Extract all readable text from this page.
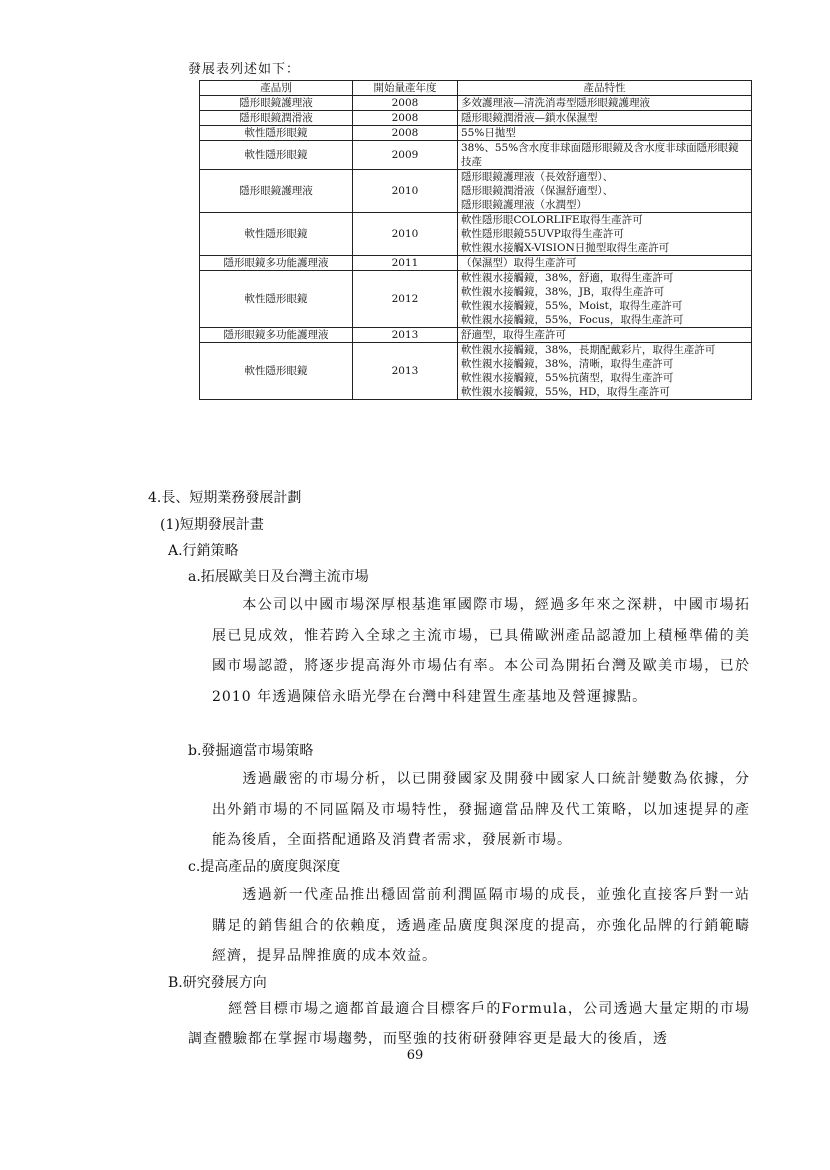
發展表列述如下：
產品別	開始量產年度	產品特性
隱形眼鏡護理液	2008	多效護理液—清洗消毒型隱形眼鏡護理液

隱形眼鏡潤滑液	2008	隱形眼鏡潤滑液—鎖水保濕型

軟性隱形眼鏡	2008	55%日拋型

軟性隱形眼鏡	2009	38%、55%含水度非球面隱形眼鏡及含水度非球面隱形眼鏡技產

隱形眼鏡護理液	2010	隱形眼鏡護理液（長效舒適型）、
隱形眼鏡潤滑液（保濕舒適型）、
隱形眼鏡護理液（水潤型）

軟性隱形眼鏡	2010	軟性隱形眼COLORLIFE取得生產許可
軟性隱形眼鏡55UVP取得生產許可
軟性親水接觸X-VISION日拋型取得生產許可

隱形眼鏡多功能護理液	2011	（保濕型）取得生產許可

軟性隱形眼鏡	2012	軟性親水接觸鏡，38%，舒適，取得生產許可
軟性親水接觸鏡，38%，JB，取得生產許可
軟性親水接觸鏡，55%，Moist，取得生產許可
軟性親水接觸鏡，55%，Focus，取得生產許可

隱形眼鏡多功能護理液	2013	舒適型，取得生產許可

軟性隱形眼鏡	2013	軟性親水接觸鏡，38%，長期配戴彩片，取得生產許可
軟性親水接觸鏡，38%，清晰，取得生產許可
軟性親水接觸鏡，55%抗菌型，取得生產許可
軟性親水接觸鏡，55%，HD，取得生產許可
4.長、短期業務發展計劃
(1)短期發展計畫
A.行銷策略
a.拓展歐美日及台灣主流市場
本公司以中國市場深厚根基進軍國際市場，經過多年來之深耕，中國市場拓展已見成效，惟若跨入全球之主流市場，已具備歐洲產品認證加上積極準備的美國市場認證，將逐步提高海外市場佔有率。本公司為開拓台灣及歐美市場，已於 2010 年透過陳倍永晤光學在台灣中科建置生產基地及營運據點。
b.發掘適當市場策略
透過嚴密的市場分析，以已開發國家及開發中國家人口統計變數為依據，分出外銷市場的不同區隔及市場特性，發掘適當品牌及代工策略，以加速提昇的產能為後盾，全面搭配通路及消費者需求，發展新市場。
c.提高產品的廣度與深度
透過新一代產品推出穩固當前利潤區隔市場的成長，並強化直接客戶對一站購足的銷售組合的依賴度，透過產品廣度與深度的提高，亦強化品牌的行銷範疇經濟，提昇品牌推廣的成本效益。
B.研究發展方向
經營目標市場之適都首最適合目標客戶的Formula，公司透過大量定期的市場調查體驗都在掌握市場趨勢，而堅強的技術研發陣容更是最大的後盾，透
69
